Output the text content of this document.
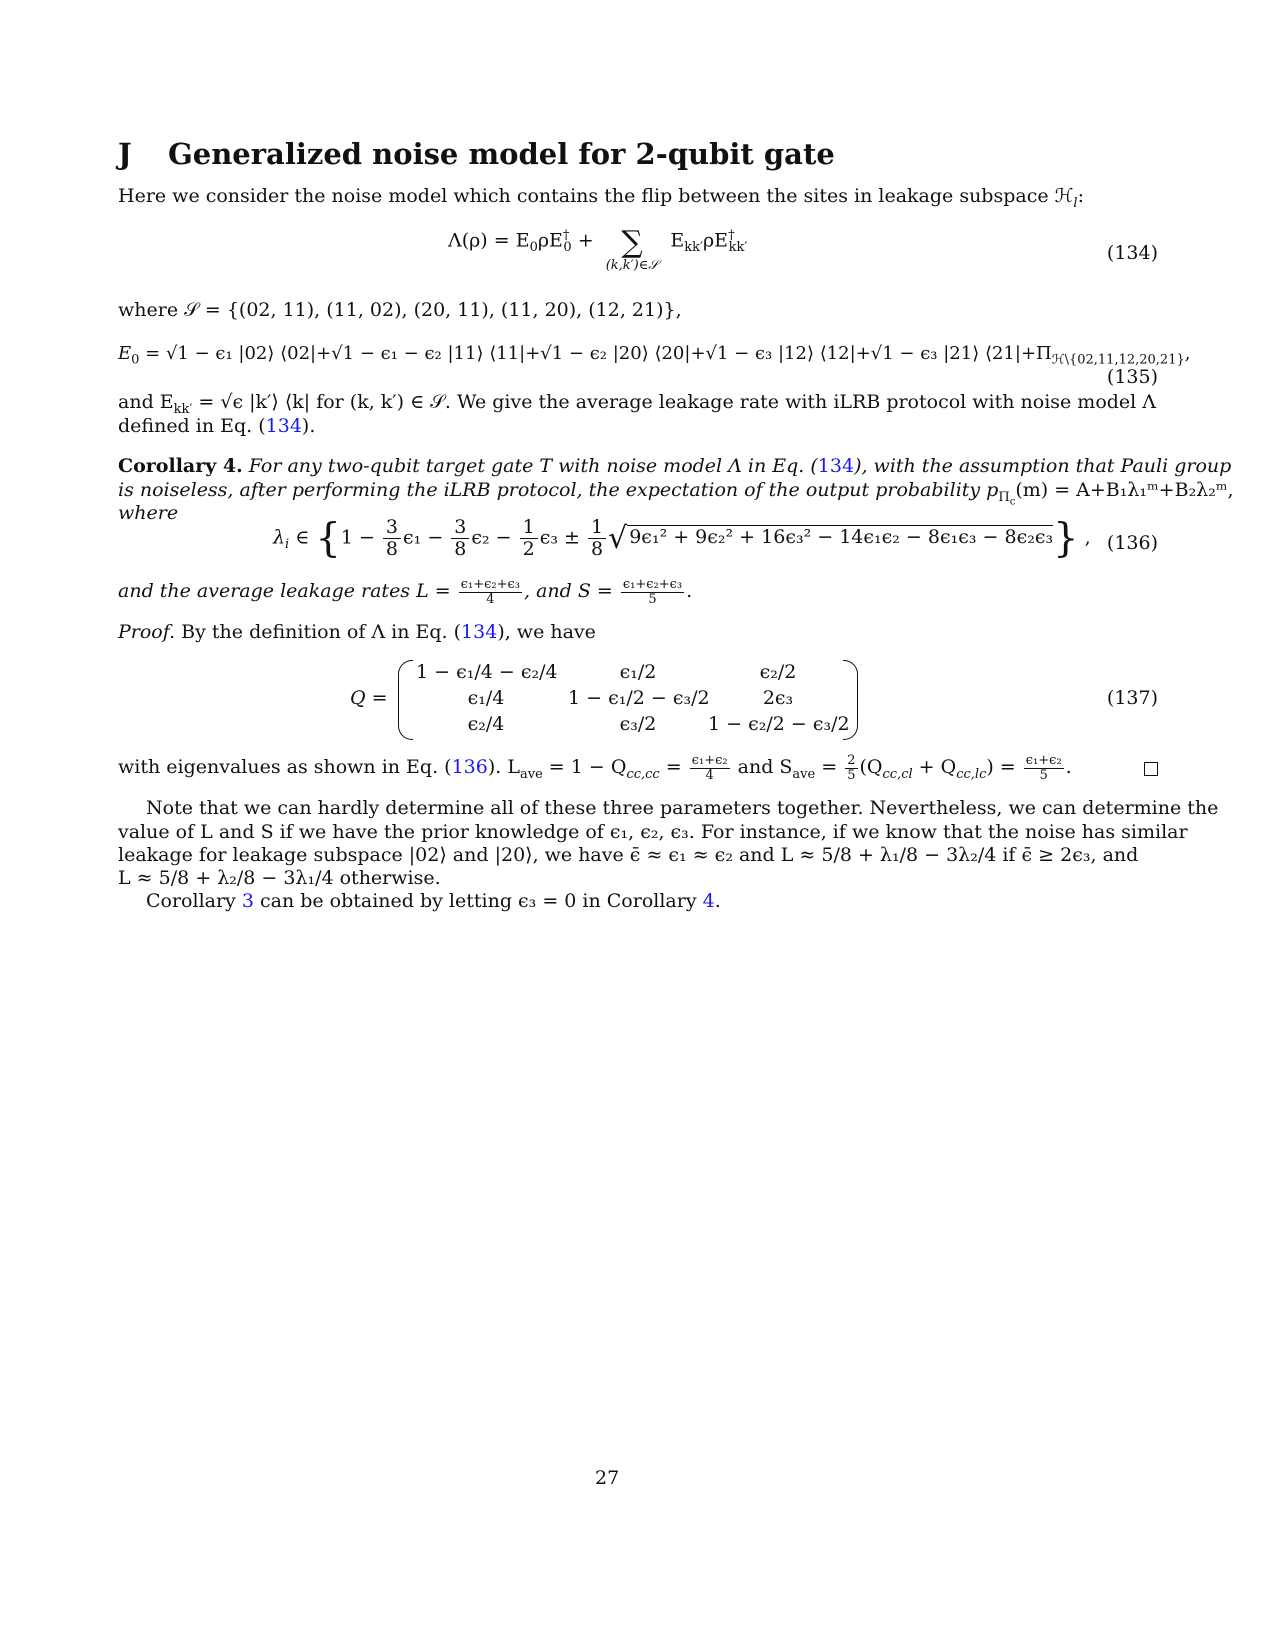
J Generalized noise model for 2-qubit gate
Here we consider the noise model which contains the flip between the sites in leakage subspace ℋ$_l$:
$\Lambda(\rho) = E_0\rho E^\dagger_0$ + ∑
(k,k′)∈𝒮
$E_{kk'}\rho E^\dagger_{kk'}$	(134)
where 𝒮 = {(02, 11), (11, 02), (20, 11), (11, 20), (12, 21)},
$E_0 = √1 - \epsilon_1$ |02⟩ ⟨02|+√1 − ϵ₁ − ϵ₂ |11⟩ ⟨11|+√1 − ϵ₂ |20⟩ ⟨20|+√1 − ϵ₃ |12⟩ ⟨12|+√1 − ϵ₃ |21⟩ $⟨21|+\Pi_{ℋ\backslash\{02,11,12,20,21\}}$,
(135)
and $E_{kk'} = √\epsilon$ |k′⟩ ⟨k| for (k, k′) ∈ 𝒮. We give the average leakage rate with iLRB protocol with noise model Λ
defined in Eq. (134).
Corollary 4. For any two-qubit target gate T with noise model Λ in Eq. (134), with the assumption that Pauli group
is noiseless, after performing the iLRB protocol, the expectation of the output probability $p_{\Pi_c}(m)$ = A+B₁λ₁ᵐ+B₂λ₂ᵐ,
where
$\lambda_i$ ∈ {$1 - \frac{3}{8} \epsilon_1 - \frac{3}{8} \epsilon_2 - \frac{1}{2} \epsilon_3 \pm \frac{1}{8}$ √ 9ϵ₁² + 9ϵ₂² + 16ϵ₃² − 14ϵ₁ϵ₂ − 8ϵ₁ϵ₃ − 8ϵ₂ϵ₃} , (136)
and the average leakage rates $L = \frac{\text{ϵ₁+ϵ₂+ϵ₃}}{4}$ , and $S = \frac{\text{ϵ₁+ϵ₂+ϵ₃}}{5}$ .
Proof. By the definition of Λ in Eq. (134), we have
Q =
1 − ϵ₁/4 − ϵ₂/4	ϵ₁/2	ϵ₂/2
ϵ₁/4	1 − ϵ₁/2 − ϵ₃/2	2ϵ₃
ϵ₂/4	ϵ₃/2	1 − ϵ₂/2 − ϵ₃/2
(137)
with eigenvalues as shown in Eq. (136). $L_{ave} = 1 - Q_{cc,cc} = \frac{\text{ϵ₁+ϵ₂}}{4}$ and $S_{ave} = \frac{2}{5} (Q_{cc,cl} + Q_{cc,lc}) = \frac{\text{ϵ₁+ϵ₂}}{5}$ .
Note that we can hardly determine all of these three parameters together. Nevertheless, we can determine the
value of L and S if we have the prior knowledge of ϵ₁, ϵ₂, ϵ₃. For instance, if we know that the noise has similar
leakage for leakage subspace |02⟩ and |20⟩, we have ϵ̄ ≈ ϵ₁ ≈ ϵ₂ and L ≈ 5/8 + λ₁/8 − 3λ₂/4 if ϵ̄ ≥ 2ϵ₃, and
L ≈ 5/8 + λ₂/8 − 3λ₁/4 otherwise.
Corollary 3 can be obtained by letting ϵ₃ = 0 in Corollary 4.
27
